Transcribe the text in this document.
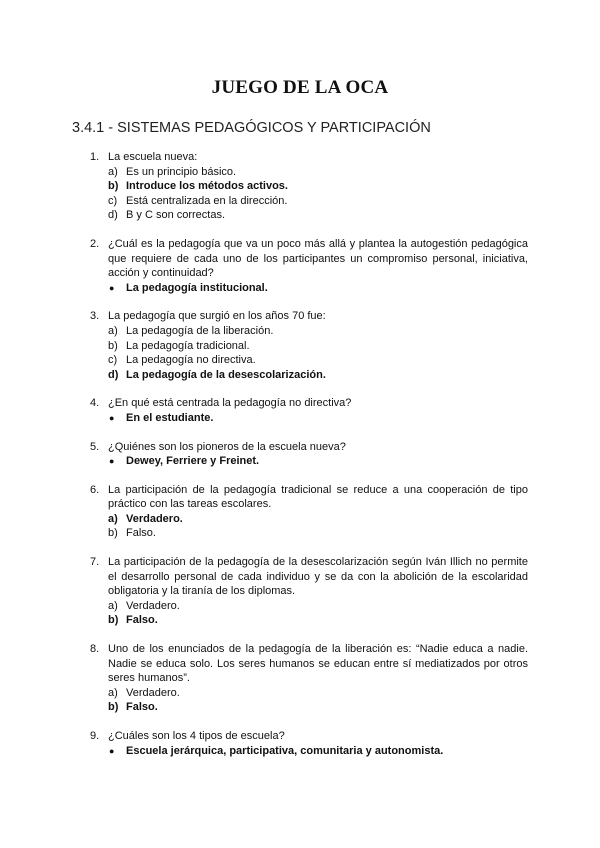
JUEGO DE LA OCA
3.4.1 - SISTEMAS PEDAGÓGICOS Y PARTICIPACIÓN
1. La escuela nueva:
a) Es un principio básico.
b) Introduce los métodos activos.
c) Está centralizada en la dirección.
d) B y C son correctas.
2. ¿Cuál es la pedagogía que va un poco más allá y plantea la autogestión pedagógica que requiere de cada uno de los participantes un compromiso personal, iniciativa, acción y continuidad?
● La pedagogía institucional.
3. La pedagogía que surgió en los años 70 fue:
a) La pedagogía de la liberación.
b) La pedagogía tradicional.
c) La pedagogía no directiva.
d) La pedagogía de la desescolarización.
4. ¿En qué está centrada la pedagogía no directiva?
● En el estudiante.
5. ¿Quiénes son los pioneros de la escuela nueva?
● Dewey, Ferriere y Freinet.
6. La participación de la pedagogía tradicional se reduce a una cooperación de tipo práctico con las tareas escolares.
a) Verdadero.
b) Falso.
7. La participación de la pedagogía de la desescolarización según Iván Illich no permite el desarrollo personal de cada individuo y se da con la abolición de la escolaridad obligatoria y la tiranía de los diplomas.
a) Verdadero.
b) Falso.
8. Uno de los enunciados de la pedagogía de la liberación es: “Nadie educa a nadie. Nadie se educa solo. Los seres humanos se educan entre sí mediatizados por otros seres humanos”.
a) Verdadero.
b) Falso.
9. ¿Cuáles son los 4 tipos de escuela?
● Escuela jerárquica, participativa, comunitaria y autonomista.
